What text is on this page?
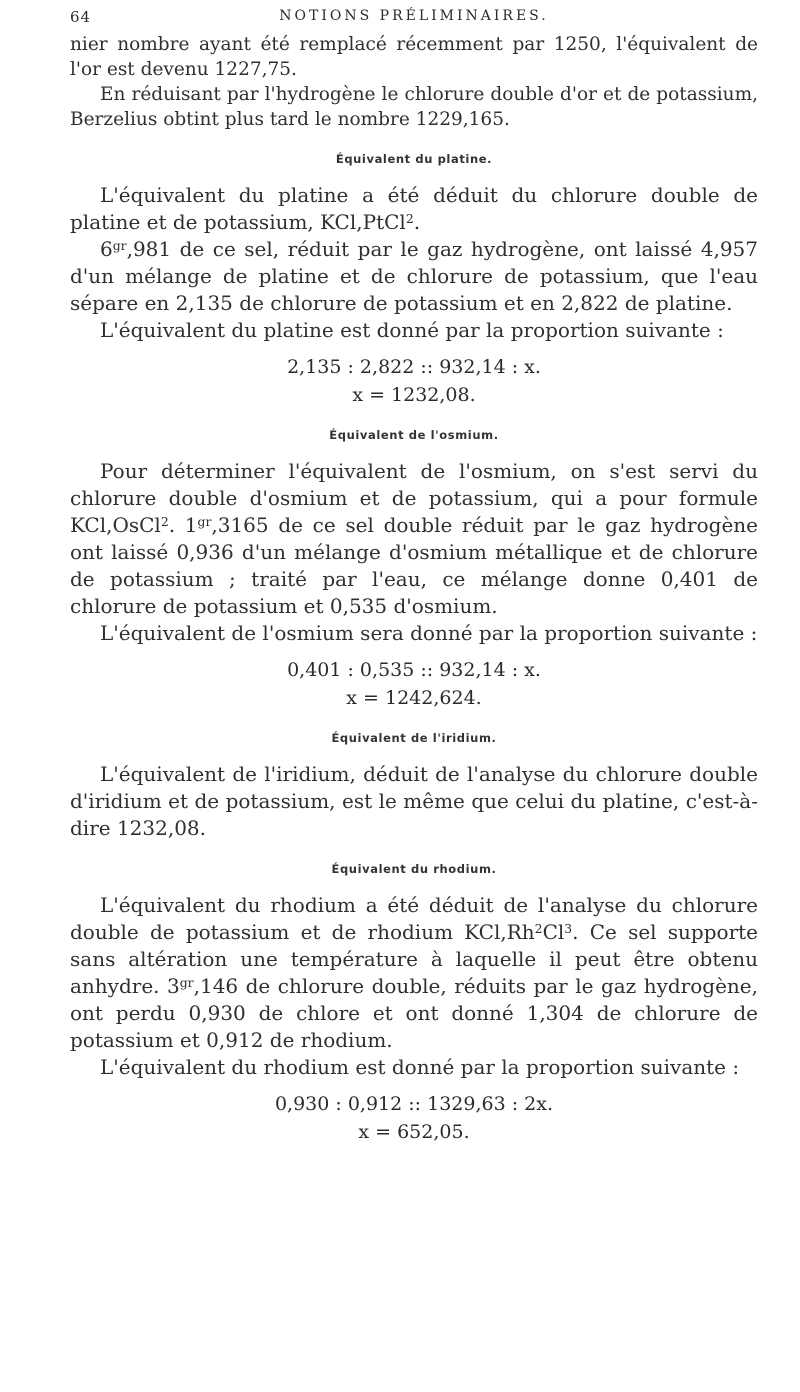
64	NOTIONS PRÉLIMINAIRES.

nier nombre ayant été remplacé récemment par 1250, l'équivalent de l'or est devenu 1227,75.

En réduisant par l'hydrogène le chlorure double d'or et de potassium, Berzelius obtint plus tard le nombre 1229,165.

Équivalent du platine.

L'équivalent du platine a été déduit du chlorure double de platine et de potassium, KCl,PtCl$^2$.

$6^{gr},981$ de ce sel, réduit par le gaz hydrogène, ont laissé 4,957 d'un mélange de platine et de chlorure de potassium, que l'eau sépare en 2,135 de chlorure de potassium et en 2,822 de platine.

L'équivalent du platine est donné par la proportion suivante :

2,135 : 2,822 :: 932,14 : x.
x = 1232,08.
Équivalent de l'osmium.

Pour déterminer l'équivalent de l'osmium, on s'est servi du chlorure double d'osmium et de potassium, qui a pour formule KCl,OsCl$^2$. $1^{gr},3165$ de ce sel double réduit par le gaz hydrogène ont laissé 0,936 d'un mélange d'osmium métallique et de chlorure de potassium ; traité par l'eau, ce mélange donne 0,401 de chlorure de potassium et 0,535 d'osmium.

L'équivalent de l'osmium sera donné par la proportion suivante :

0,401 : 0,535 :: 932,14 : x.
x = 1242,624.
Équivalent de l'iridium.

L'équivalent de l'iridium, déduit de l'analyse du chlorure double d'iridium et de potassium, est le même que celui du platine, c'est-à-dire 1232,08.

Équivalent du rhodium.

L'équivalent du rhodium a été déduit de l'analyse du chlorure double de potassium et de rhodium KCl,Rh$^2$Cl$^3$. Ce sel supporte sans altération une température à laquelle il peut être obtenu anhydre. $3^{gr},146$ de chlorure double, réduits par le gaz hydrogène, ont perdu 0,930 de chlore et ont donné 1,304 de chlorure de potassium et 0,912 de rhodium.

L'équivalent du rhodium est donné par la proportion suivante :

0,930 : 0,912 :: 1329,63 : 2x.
x = 652,05.
